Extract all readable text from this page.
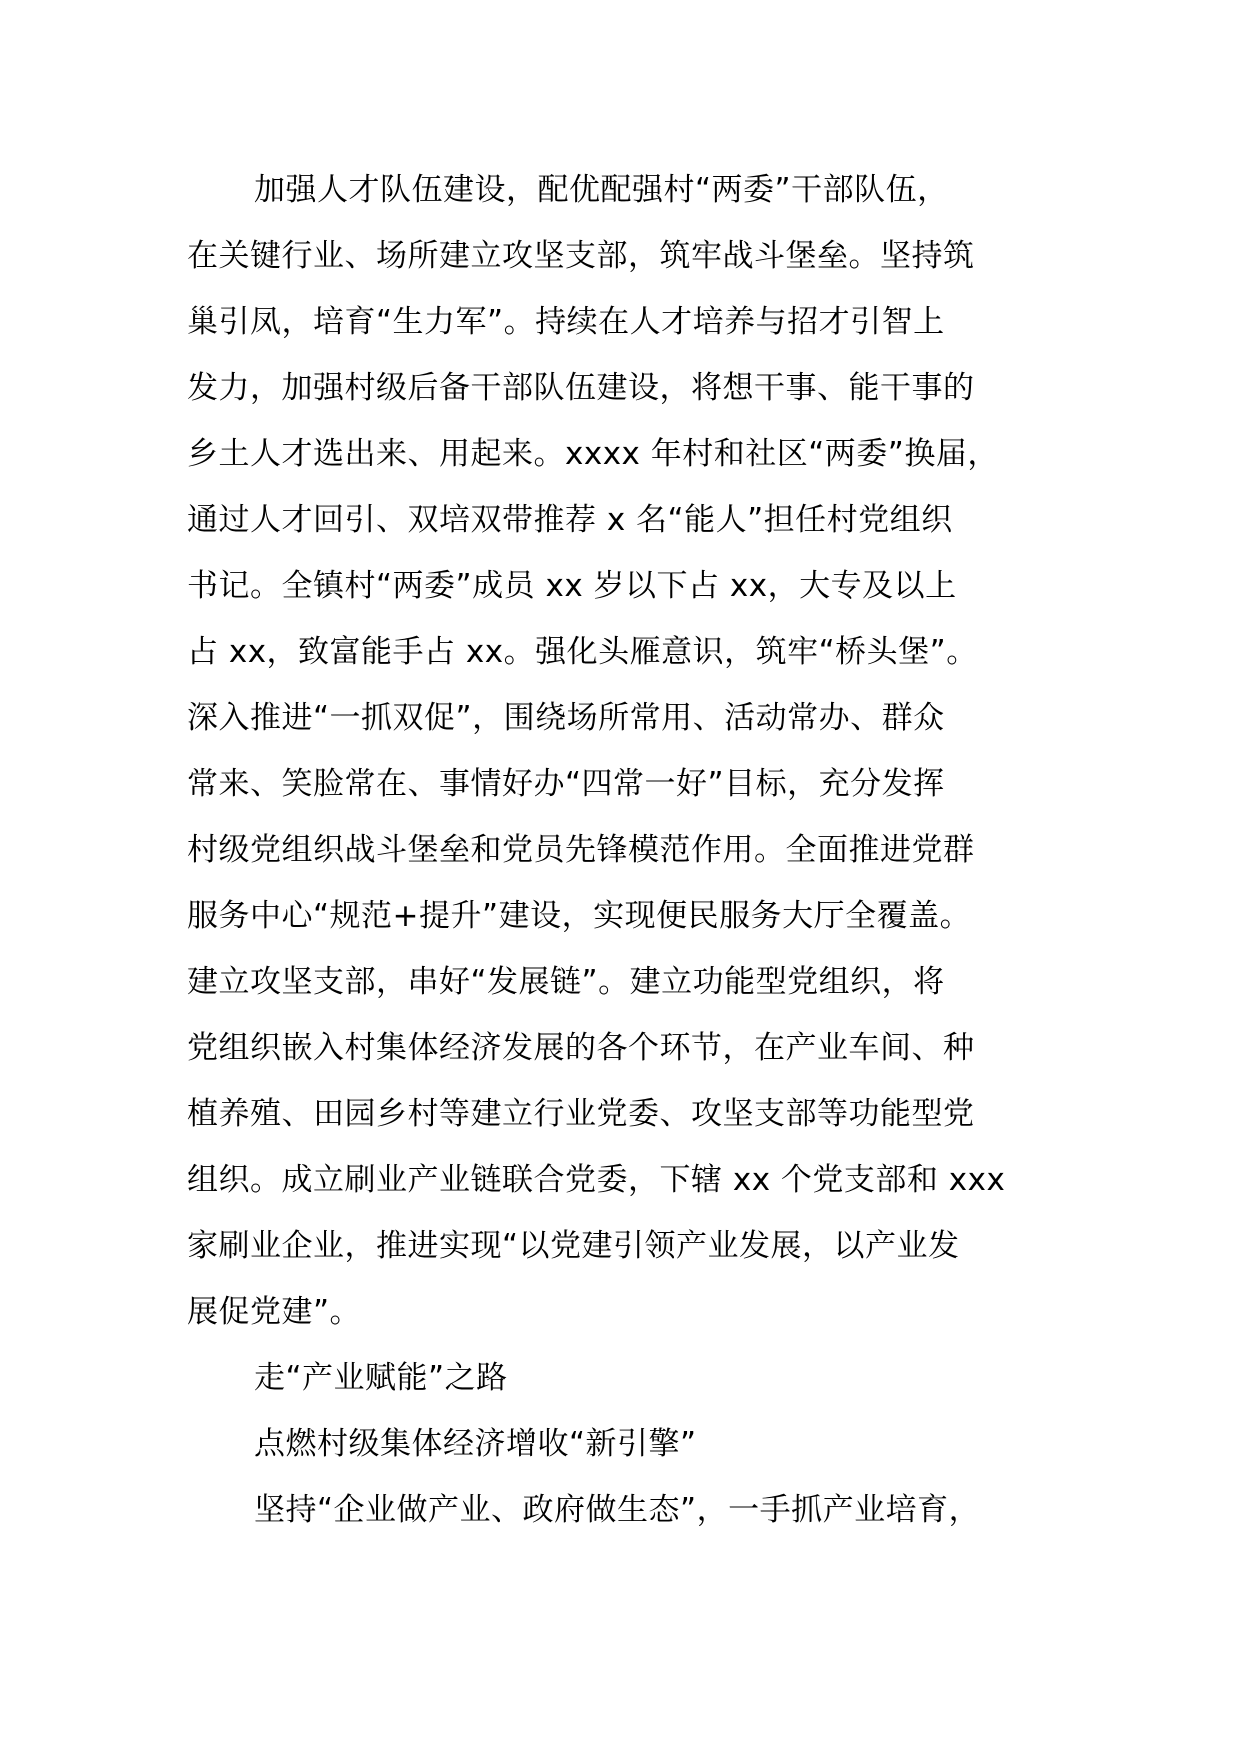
加强人才队伍建设，配优配强村“两委”干部队伍，
在关键行业、场所建立攻坚支部，筑牢战斗堡垒。坚持筑
巢引凤，培育“生力军”。持续在人才培养与招才引智上
发力，加强村级后备干部队伍建设，将想干事、能干事的
乡土人才选出来、用起来。xxxx 年村和社区“两委”换届，
通过人才回引、双培双带推荐 x 名“能人”担任村党组织
书记。全镇村“两委”成员 xx 岁以下占 xx，大专及以上
占 xx，致富能手占 xx。强化头雁意识，筑牢“桥头堡”。
深入推进“一抓双促”，围绕场所常用、活动常办、群众
常来、笑脸常在、事情好办“四常一好”目标，充分发挥
村级党组织战斗堡垒和党员先锋模范作用。全面推进党群
服务中心“规范+提升”建设，实现便民服务大厅全覆盖。
建立攻坚支部，串好“发展链”。建立功能型党组织，将
党组织嵌入村集体经济发展的各个环节，在产业车间、种
植养殖、田园乡村等建立行业党委、攻坚支部等功能型党
组织。成立刷业产业链联合党委，下辖 xx 个党支部和 xxx
家刷业企业，推进实现“以党建引领产业发展，以产业发
展促党建”。
走“产业赋能”之路
点燃村级集体经济增收“新引擎”
坚持“企业做产业、政府做生态”，一手抓产业培育，
